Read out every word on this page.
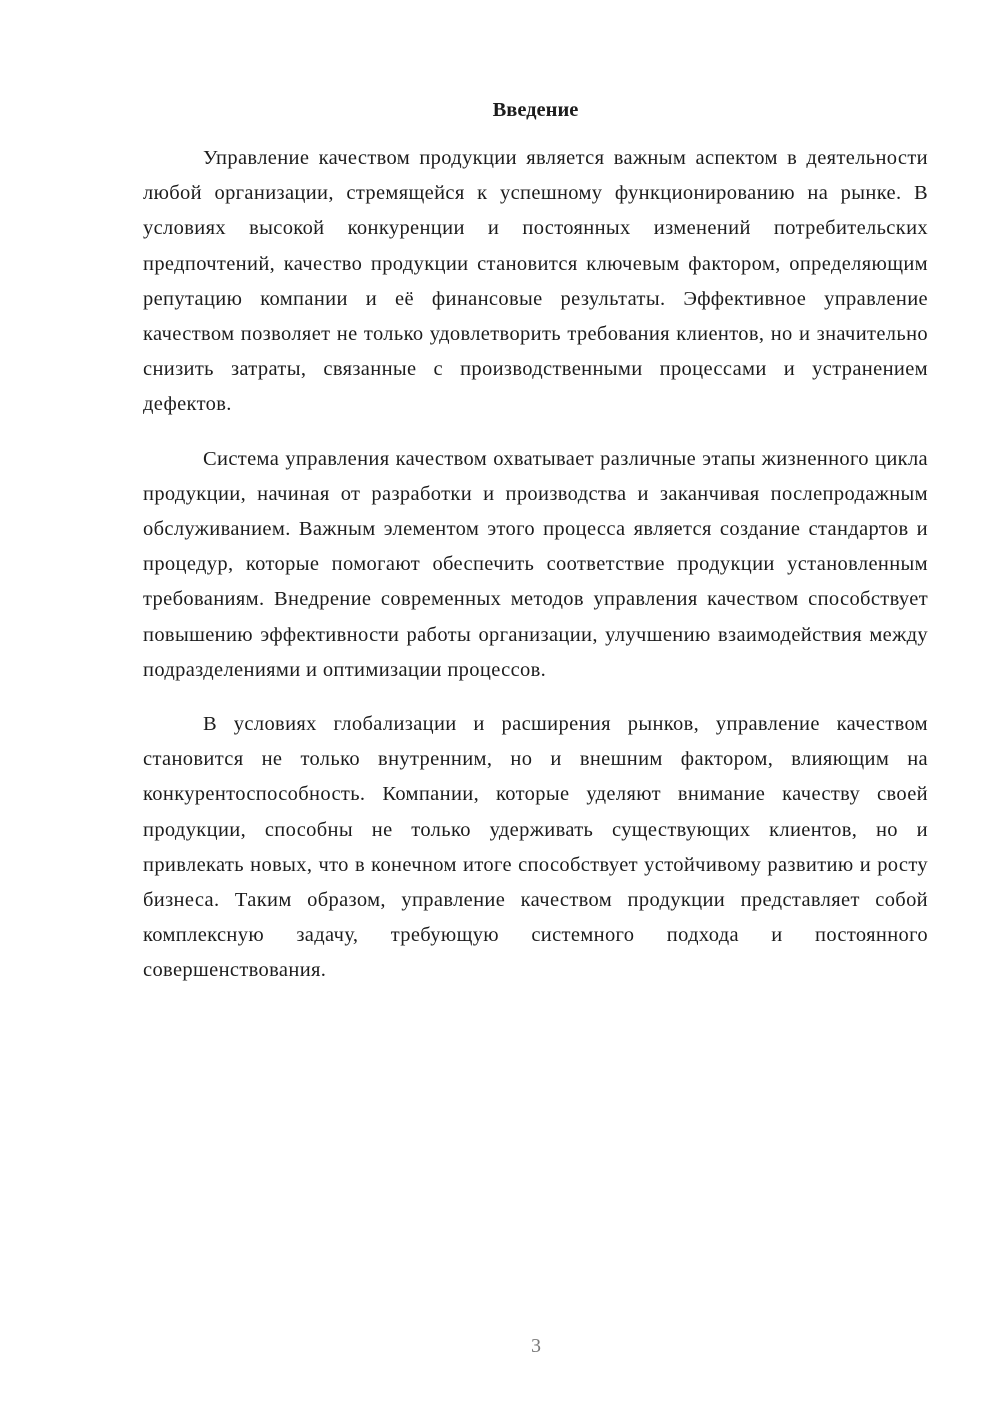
Введение

Управление качеством продукции является важным аспектом в деятельности любой организации, стремящейся к успешному функционированию на рынке. В условиях высокой конкуренции и постоянных изменений потребительских предпочтений, качество продукции становится ключевым фактором, определяющим репутацию компании и её финансовые результаты. Эффективное управление качеством позволяет не только удовлетворить требования клиентов, но и значительно снизить затраты, связанные с производственными процессами и устранением дефектов.

Система управления качеством охватывает различные этапы жизненного цикла продукции, начиная от разработки и производства и заканчивая послепродажным обслуживанием. Важным элементом этого процесса является создание стандартов и процедур, которые помогают обеспечить соответствие продукции установленным требованиям. Внедрение современных методов управления качеством способствует повышению эффективности работы организации, улучшению взаимодействия между подразделениями и оптимизации процессов.

В условиях глобализации и расширения рынков, управление качеством становится не только внутренним, но и внешним фактором, влияющим на конкурентоспособность. Компании, которые уделяют внимание качеству своей продукции, способны не только удерживать существующих клиентов, но и привлекать новых, что в конечном итоге способствует устойчивому развитию и росту бизнеса. Таким образом, управление качеством продукции представляет собой комплексную задачу, требующую системного подхода и постоянного совершенствования.

3
